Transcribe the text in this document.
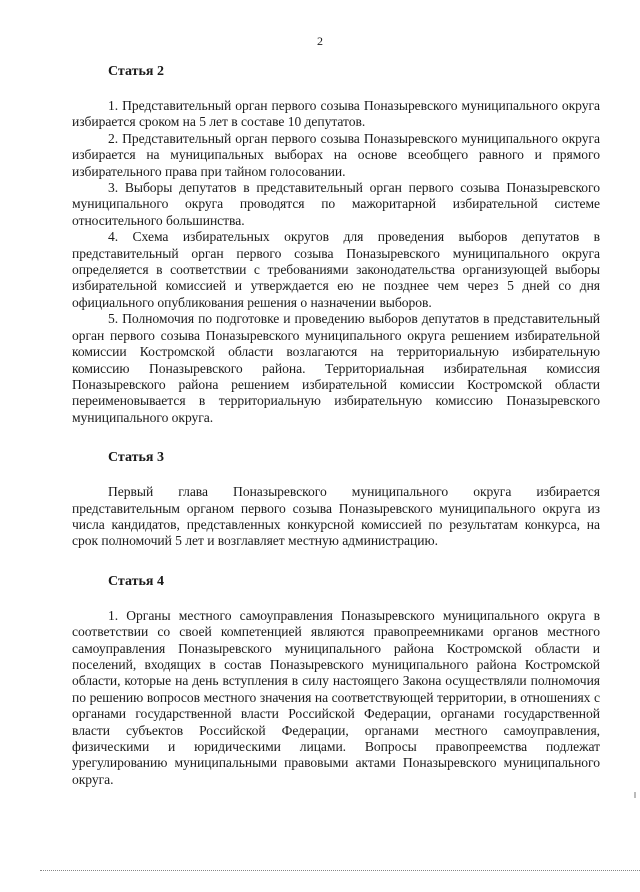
2
Статья 2

1. Представительный орган первого созыва Поназыревского муниципального округа избирается сроком на 5 лет в составе 10 депутатов.

2. Представительный орган первого созыва Поназыревского муниципального округа избирается на муниципальных выборах на основе всеобщего равного и прямого избирательного права при тайном голосовании.

3. Выборы депутатов в представительный орган первого созыва Поназыревского муниципального округа проводятся по мажоритарной избирательной системе относительного большинства.

4. Схема избирательных округов для проведения выборов депутатов в представительный орган первого созыва Поназыревского муниципального округа определяется в соответствии с требованиями законодательства организующей выборы избирательной комиссией и утверждается ею не позднее чем через 5 дней со дня официального опубликования решения о назначении выборов.

5. Полномочия по подготовке и проведению выборов депутатов в представительный орган первого созыва Поназыревского муниципального округа решением избирательной комиссии Костромской области возлагаются на территориальную избирательную комиссию Поназыревского района. Территориальная избирательная комиссия Поназыревского района решением избирательной комиссии Костромской области переименовывается в территориальную избирательную комиссию Поназыревского муниципального округа.

Статья 3

Первый глава Поназыревского муниципального округа избирается представительным органом первого созыва Поназыревского муниципального округа из числа кандидатов, представленных конкурсной комиссией по результатам конкурса, на срок полномочий 5 лет и возглавляет местную администрацию.

Статья 4

1. Органы местного самоуправления Поназыревского муниципального округа в соответствии со своей компетенцией являются правопреемниками органов местного самоуправления Поназыревского муниципального района Костромской области и поселений, входящих в состав Поназыревского муниципального района Костромской области, которые на день вступления в силу настоящего Закона осуществляли полномочия по решению вопросов местного значения на соответствующей территории, в отношениях с органами государственной власти Российской Федерации, органами государственной власти субъектов Российской Федерации, органами местного самоуправления, физическими и юридическими лицами. Вопросы правопреемства подлежат урегулированию муниципальными правовыми актами Поназыревского муниципального округа.
